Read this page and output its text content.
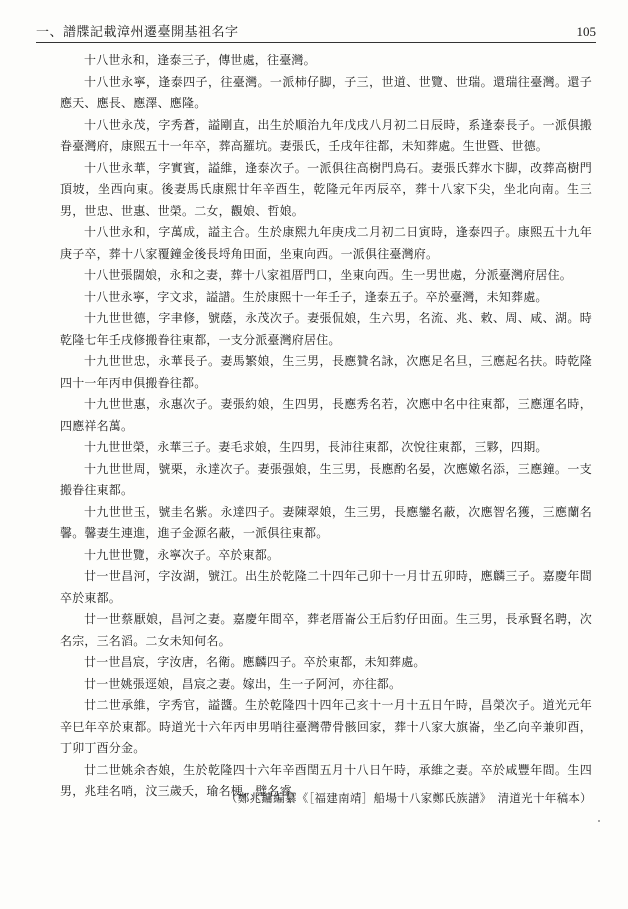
一、譜牒記載漳州遷臺開基祖名字	105

十八世永和，逢泰三子，傳世處，往臺灣。

十八世永寧，逢泰四子，往臺灣。一派柿仔脚，子三，世道、世覽、世瑞。還瑞往臺灣。還子應天、應長、應澤、應隆。

十八世永茂，字秀蒼，謚剛直，出生於順治九年戊戌八月初二日辰時，系逢泰長子。一派俱搬眷臺灣府，康熙五十一年卒，葬高羅坑。妻張氏，壬戌年往都，未知葬處。生世暨、世德。

十八世永華，字實賓，謚維，逢泰次子。一派俱往高樹門鳥石。妻張氏葬水卞脚，改葬高樹門頂坡，坐西向東。後妻馬氏康熙廿年辛酉生，乾隆元年丙辰卒，葬十八家下尖，坐北向南。生三男，世忠、世惠、世榮。二女，觀娘、哲娘。

十八世永和，字萬成，謚主合。生於康熙九年庚戌二月初二日寅時，逢泰四子。康熙五十九年庚子卒，葬十八家覆鐘金後長埒角田面，坐東向西。一派俱往臺灣府。

十八世張闊娘，永和之妻，葬十八家祖厝門口，坐東向西。生一男世處，分派臺灣府居住。

十八世永寧，字文求，謚譜。生於康熙十一年壬子，逢泰五子。卒於臺灣，未知葬處。

十九世世德，字聿修，號蔭，永茂次子。妻張侃娘，生六男，名流、兆、敕、周、咸、湖。時乾隆七年壬戌修搬眷往東都，一支分派臺灣府居住。

十九世世忠，永華長子。妻馬繁娘，生三男，長應贊名詠，次應足名旦，三應起名扶。時乾隆四十一年丙申俱搬眷往都。

十九世世惠，永惠次子。妻張約娘，生四男，長應秀名若，次應中名中往東都，三應運名時，四應祥名萬。

十九世世榮，永華三子。妻毛求娘，生四男，長沛往東都，次悅往東都，三夥，四期。

十九世世周，號栗，永達次子。妻張强娘，生三男，長應酌名晏，次應嫩名添，三應鐘。一支搬眷往東都。

十九世世玉，號圭名紫。永達四子。妻陳翠娘，生三男，長應鑾名蔽，次應智名獲，三應蘭名馨。馨妻生連進，進子金源名蔽，一派俱往東都。

十九世世覽，永寧次子。卒於東都。

廿一世昌河，字汝湖，號江。出生於乾隆二十四年己卯十一月廿五卯時，應麟三子。嘉慶年間卒於東都。

廿一世蔡厭娘，昌河之妻。嘉慶年間卒，葬老厝崙公王后豹仔田面。生三男，長承賢名聘，次名宗，三名滔。二女未知何名。

廿一世昌宸，字汝唐，名衛。應麟四子。卒於東都，未知葬處。

廿一世姚張逕娘，昌宸之妻。嫁出，生一子阿河，亦往都。

廿二世承維，字秀官，謚醬。生於乾隆四十四年己亥十一月十五日午時，昌榮次子。道光元年辛巳年卒於東都。時道光十六年丙申男哨往臺灣帶骨骸回家，葬十八家大旗崙，坐乙向辛兼卯酉，丁卯丁酉分金。

廿二世姚余杏娘，生於乾隆四十六年辛酉閏五月十八日午時，承維之妻。卒於咸豐年間。生四男，兆珪名哨，汶三歲夭，瑜名梗，璧名睿。

（鄭兆鏞編纂《［福建南靖］船場十八家鄭氏族譜》　清道光十年稿本）
